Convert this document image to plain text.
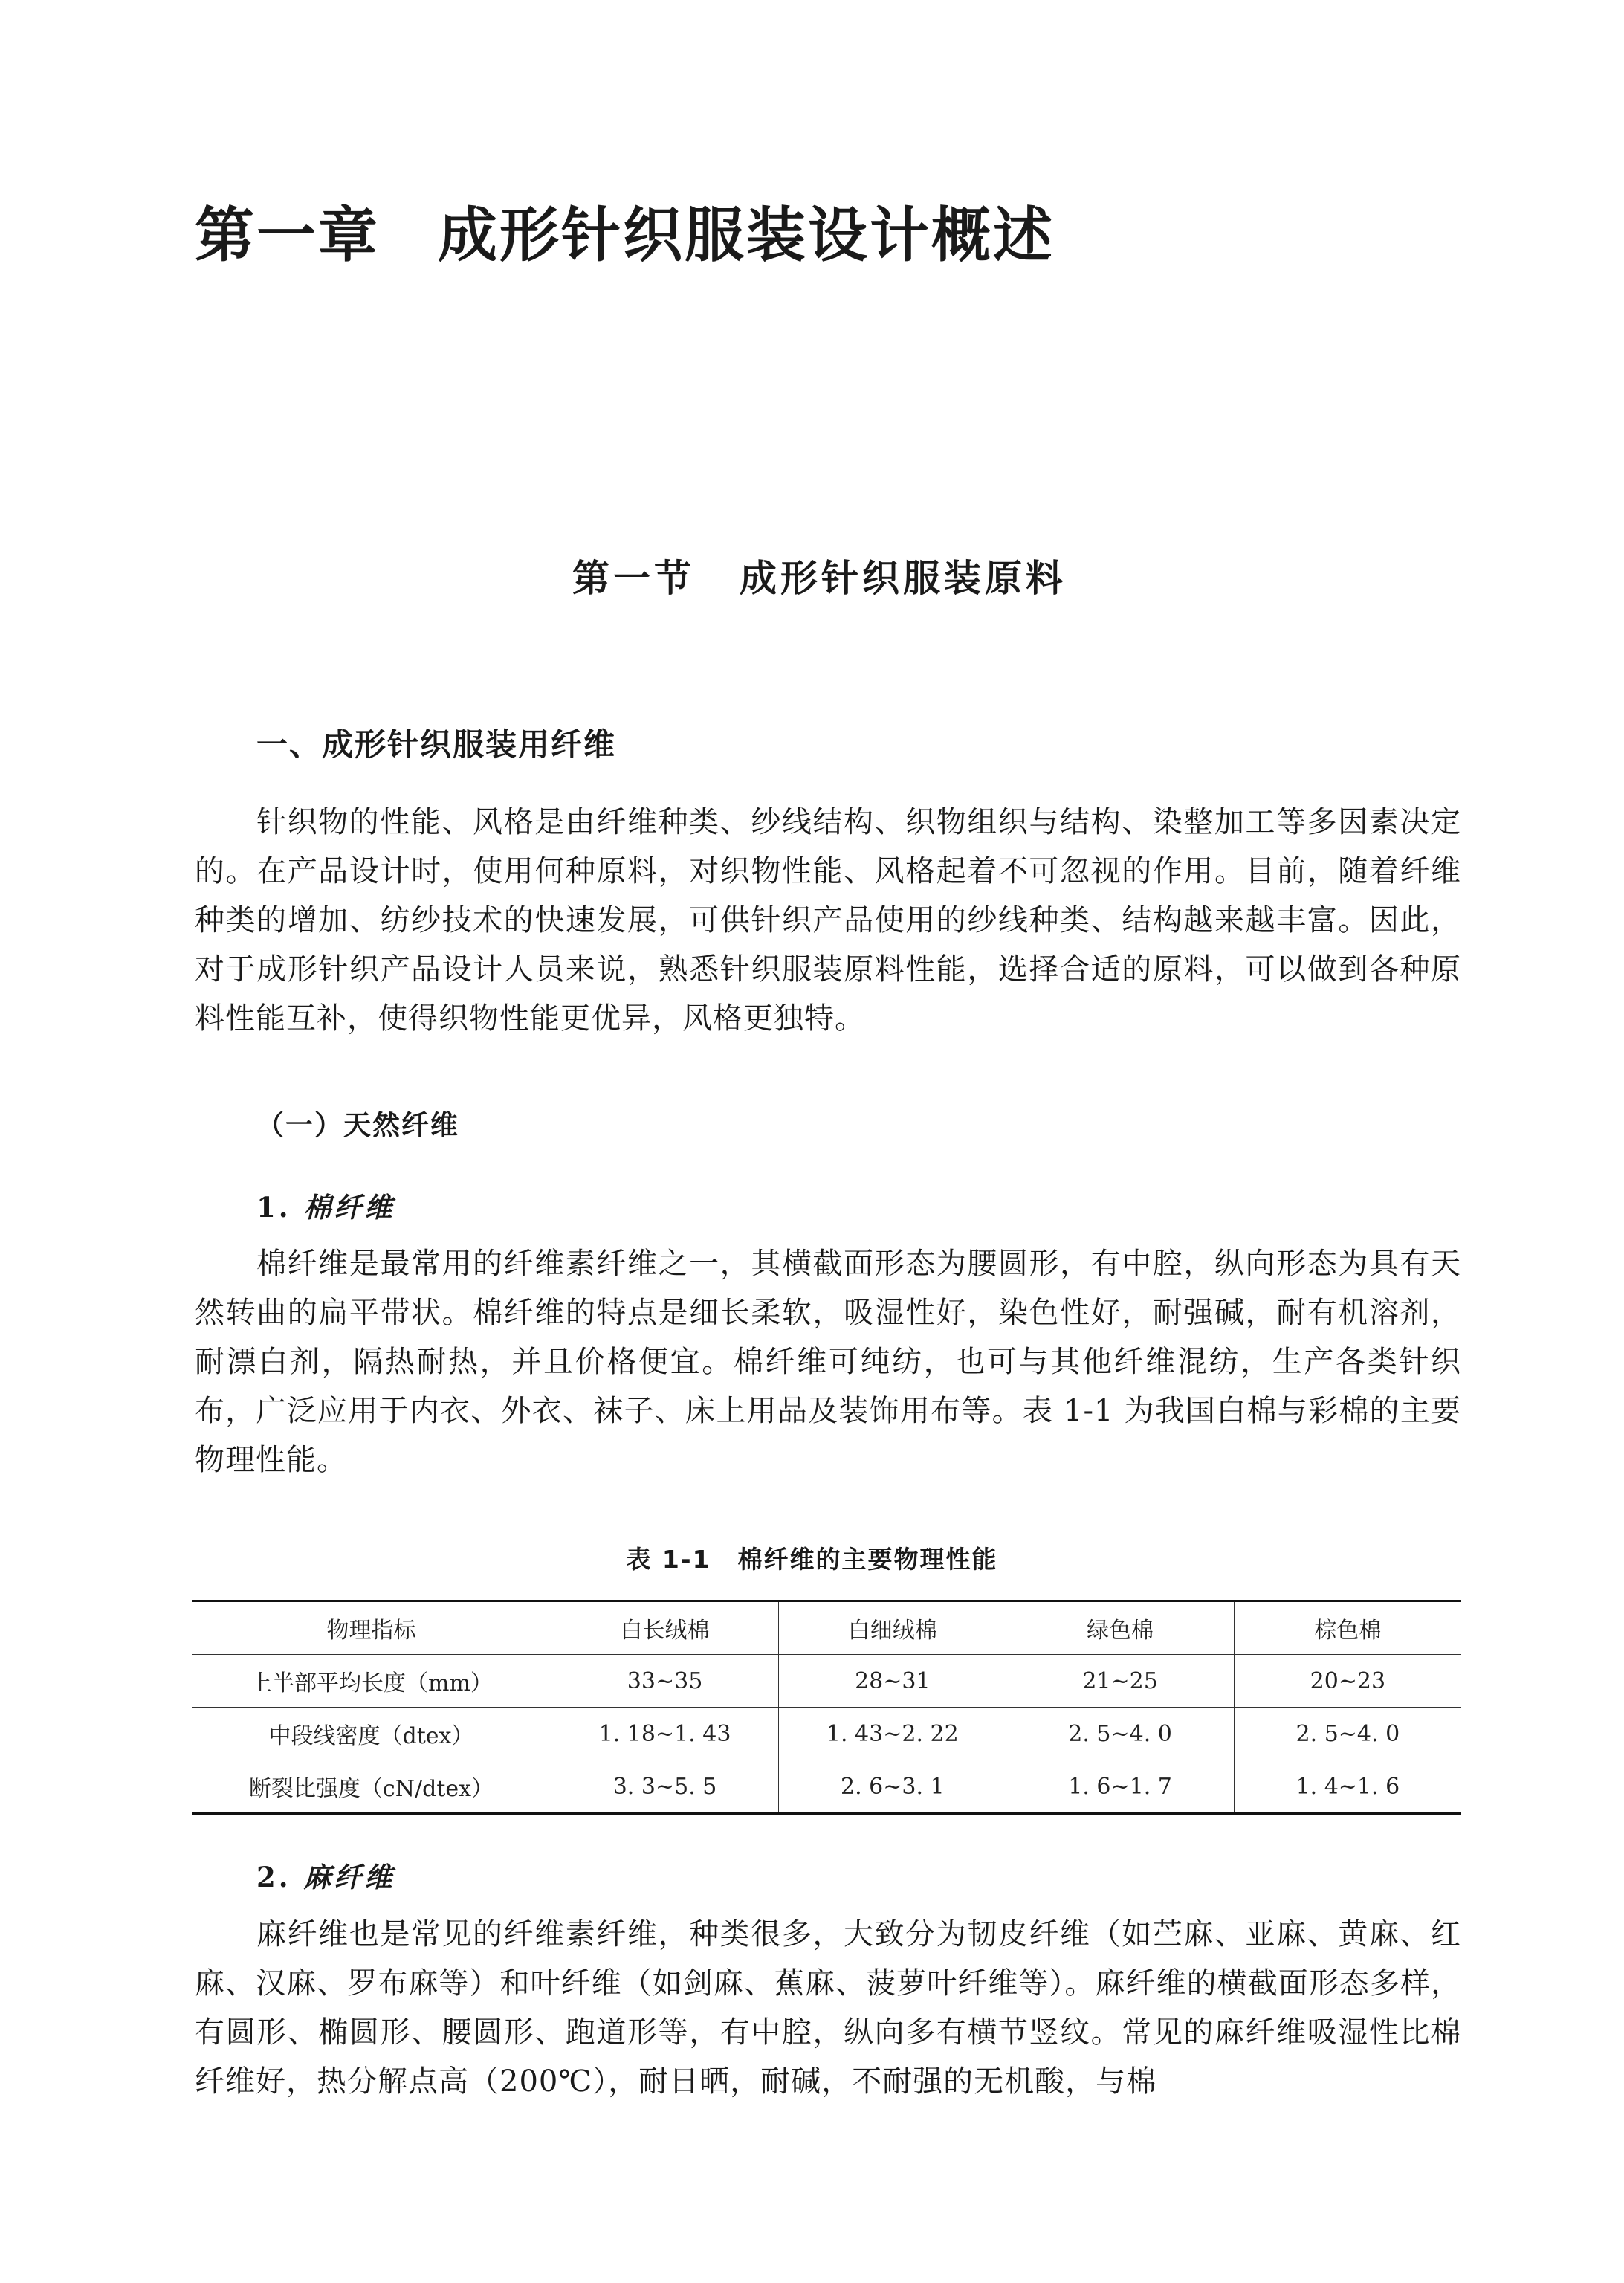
第一章 成形针织服装设计概述
第一节 成形针织服装原料
一、成形针织服装用纤维

针织物的性能、风格是由纤维种类、纱线结构、织物组织与结构、染整加工等多因素决定的。在产品设计时，使用何种原料，对织物性能、风格起着不可忽视的作用。目前，随着纤维种类的增加、纺纱技术的快速发展，可供针织产品使用的纱线种类、结构越来越丰富。因此，对于成形针织产品设计人员来说，熟悉针织服装原料性能，选择合适的原料，可以做到各种原料性能互补，使得织物性能更优异，风格更独特。

（一）天然纤维
1. 棉纤维

棉纤维是最常用的纤维素纤维之一，其横截面形态为腰圆形，有中腔，纵向形态为具有天然转曲的扁平带状。棉纤维的特点是细长柔软，吸湿性好，染色性好，耐强碱，耐有机溶剂，耐漂白剂，隔热耐热，并且价格便宜。棉纤维可纯纺，也可与其他纤维混纺，生产各类针织布，广泛应用于内衣、外衣、袜子、床上用品及装饰用布等。表 1-1 为我国白棉与彩棉的主要物理性能。

表 1-1 棉纤维的主要物理性能
物理指标	白长绒棉	白细绒棉	绿色棉	棕色棉
上半部平均长度（mm）	33~35	28~31	21~25	20~23
中段线密度（dtex）	1. 18~1. 43	1. 43~2. 22	2. 5~4. 0	2. 5~4. 0
断裂比强度（cN/dtex）	3. 3~5. 5	2. 6~3. 1	1. 6~1. 7	1. 4~1. 6
2. 麻纤维

麻纤维也是常见的纤维素纤维，种类很多，大致分为韧皮纤维（如苎麻、亚麻、黄麻、红麻、汉麻、罗布麻等）和叶纤维（如剑麻、蕉麻、菠萝叶纤维等）。麻纤维的横截面形态多样，有圆形、椭圆形、腰圆形、跑道形等，有中腔，纵向多有横节竖纹。常见的麻纤维吸湿性比棉纤维好，热分解点高（200℃），耐日晒，耐碱，不耐强的无机酸，与棉
